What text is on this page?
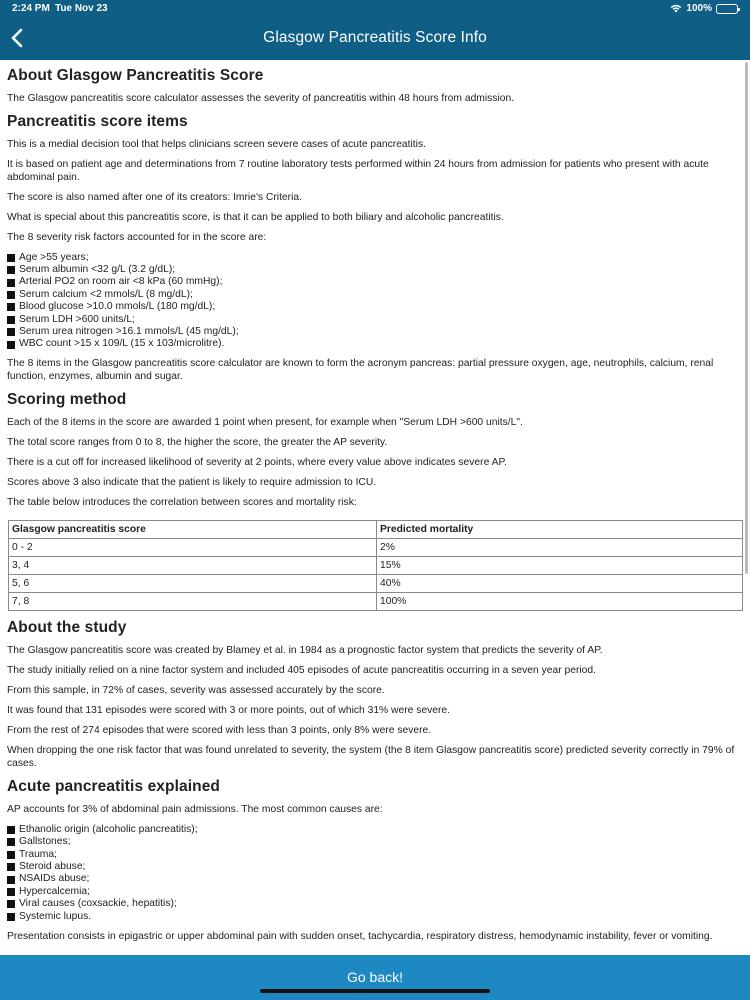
2:24 PM Tue Nov 23	100%
Glasgow Pancreatitis Score Info
About Glasgow Pancreatitis Score

The Glasgow pancreatitis score calculator assesses the severity of pancreatitis within 48 hours from admission.

Pancreatitis score items

This is a medial decision tool that helps clinicians screen severe cases of acute pancreatitis.

It is based on patient age and determinations from 7 routine laboratory tests performed within 24 hours from admission for patients who present with acute abdominal pain.

The score is also named after one of its creators: Imrie's Criteria.

What is special about this pancreatitis score, is that it can be applied to both biliary and alcoholic pancreatitis.

The 8 severity risk factors accounted for in the score are:

Age >55 years;
Serum albumin <32 g/L (3.2 g/dL);
Arterial PO2 on room air <8 kPa (60 mmHg);
Serum calcium <2 mmols/L (8 mg/dL);
Blood glucose >10.0 mmols/L (180 mg/dL);
Serum LDH >600 units/L;
Serum urea nitrogen >16.1 mmols/L (45 mg/dL);
WBC count >15 x 109/L (15 x 103/microlitre).

The 8 items in the Glasgow pancreatitis score calculator are known to form the acronym pancreas: partial pressure oxygen, age, neutrophils, calcium, renal function, enzymes, albumin and sugar.

Scoring method

Each of the 8 items in the score are awarded 1 point when present, for example when "Serum LDH >600 units/L".

The total score ranges from 0 to 8, the higher the score, the greater the AP severity.

There is a cut off for increased likelihood of severity at 2 points, where every value above indicates severe AP.

Scores above 3 also indicate that the patient is likely to require admission to ICU.

The table below introduces the correlation between scores and mortality risk:

Glasgow pancreatitis score	Predicted mortality
0 - 2	2%
3, 4	15%
5, 6	40%
7, 8	100%
About the study

The Glasgow pancreatitis score was created by Blamey et al. in 1984 as a prognostic factor system that predicts the severity of AP.

The study initially relied on a nine factor system and included 405 episodes of acute pancreatitis occurring in a seven year period.

From this sample, in 72% of cases, severity was assessed accurately by the score.

It was found that 131 episodes were scored with 3 or more points, out of which 31% were severe.

From the rest of 274 episodes that were scored with less than 3 points, only 8% were severe.

When dropping the one risk factor that was found unrelated to severity, the system (the 8 item Glasgow pancreatitis score) predicted severity correctly in 79% of cases.

Acute pancreatitis explained

AP accounts for 3% of abdominal pain admissions. The most common causes are:

Ethanolic origin (alcoholic pancreatitis);
Gallstones;
Trauma;
Steroid abuse;
NSAIDs abuse;
Hypercalcemia;
Viral causes (coxsackie, hepatitis);
Systemic lupus.

Presentation consists in epigastric or upper abdominal pain with sudden onset, tachycardia, respiratory distress, hemodynamic instability, fever or vomiting.

Go back!
